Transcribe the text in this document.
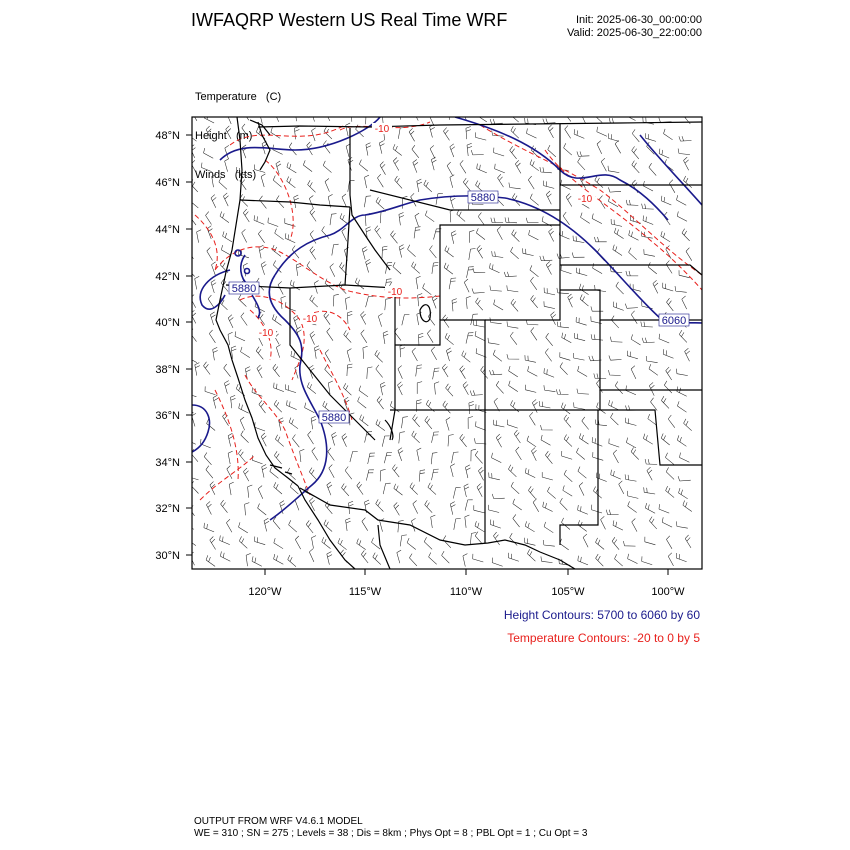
IWFAQRP Western US Real Time WRF	Init: 2025-06-30_00:00:00
Valid: 2025-06-30_22:00:00

Temperature   (C)

Height   (m)

Winds   (kts)

48°N
46°N
44°N
42°N
40°N
38°N
36°N
34°N
32°N
30°N
120°W	115°W	110°W	105°W	100°W
5880
5880
5880
6060
-10
-10
-10
-10
-10
Height Contours: 5700 to 6060 by 60
Temperature Contours: -20 to 0 by 5
OUTPUT FROM WRF V4.6.1 MODEL
WE = 310 ; SN = 275 ; Levels = 38 ; Dis = 8km ; Phys Opt = 8 ; PBL Opt = 1 ; Cu Opt = 3
